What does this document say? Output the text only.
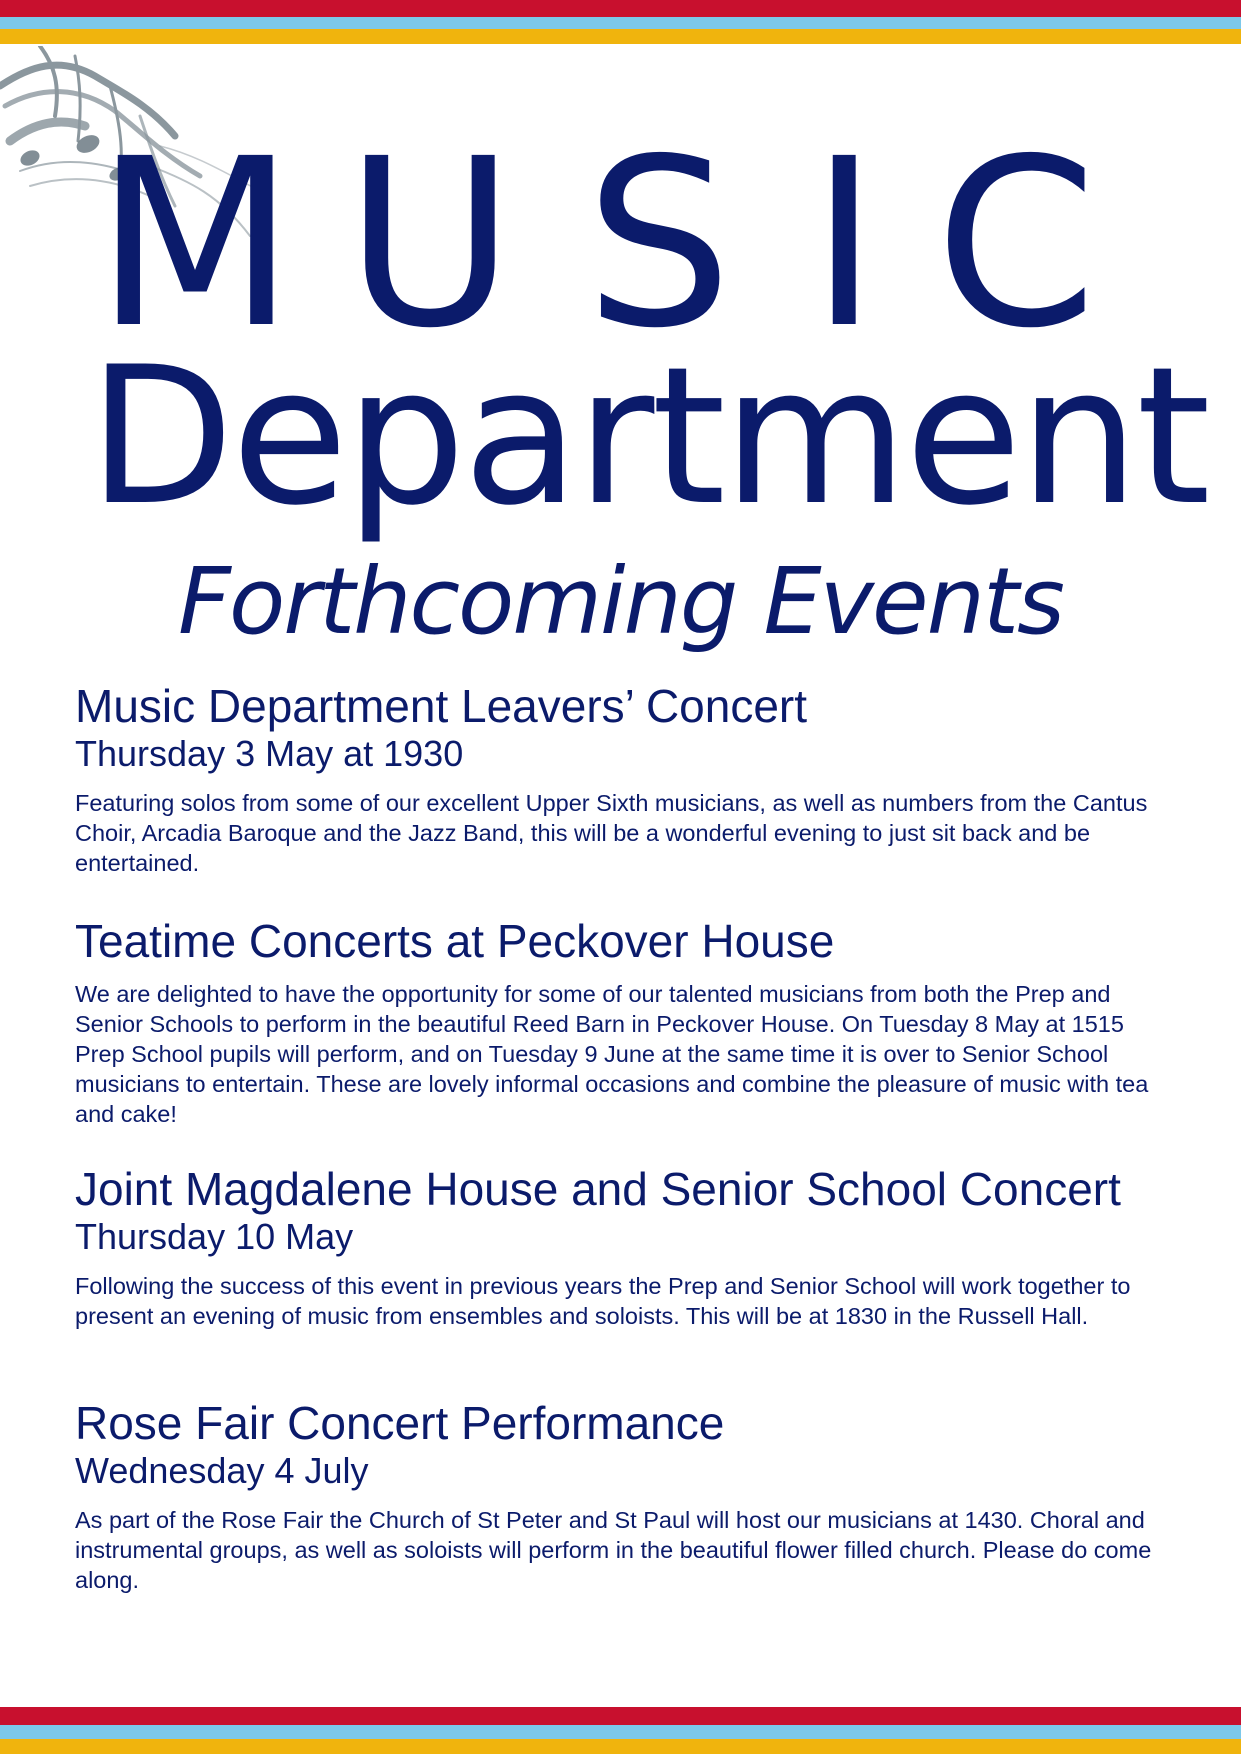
M U S I C
Department
Forthcoming Events
Music Department Leavers’ Concert
Thursday 3 May at 1930
Featuring solos from some of our excellent Upper Sixth musicians, as well as numbers from the Cantus Choir, Arcadia Baroque and the Jazz Band, this will be a wonderful evening to just sit back and be entertained.
Teatime Concerts at Peckover House
We are delighted to have the opportunity for some of our talented musicians from both the Prep and Senior Schools to perform in the beautiful Reed Barn in Peckover House. On Tuesday 8 May at 1515 Prep School pupils will perform, and on Tuesday 9 June at the same time it is over to Senior School musicians to entertain. These are lovely informal occasions and combine the pleasure of music with tea and cake!
Joint Magdalene House and Senior School Concert
Thursday 10 May
Following the success of this event in previous years the Prep and Senior School will work together to present an evening of music from ensembles and soloists. This will be at 1830 in the Russell Hall.
Rose Fair Concert Performance
Wednesday 4 July
As part of the Rose Fair the Church of St Peter and St Paul will host our musicians at 1430. Choral and instrumental groups, as well as soloists will perform in the beautiful flower filled church. Please do come along.
